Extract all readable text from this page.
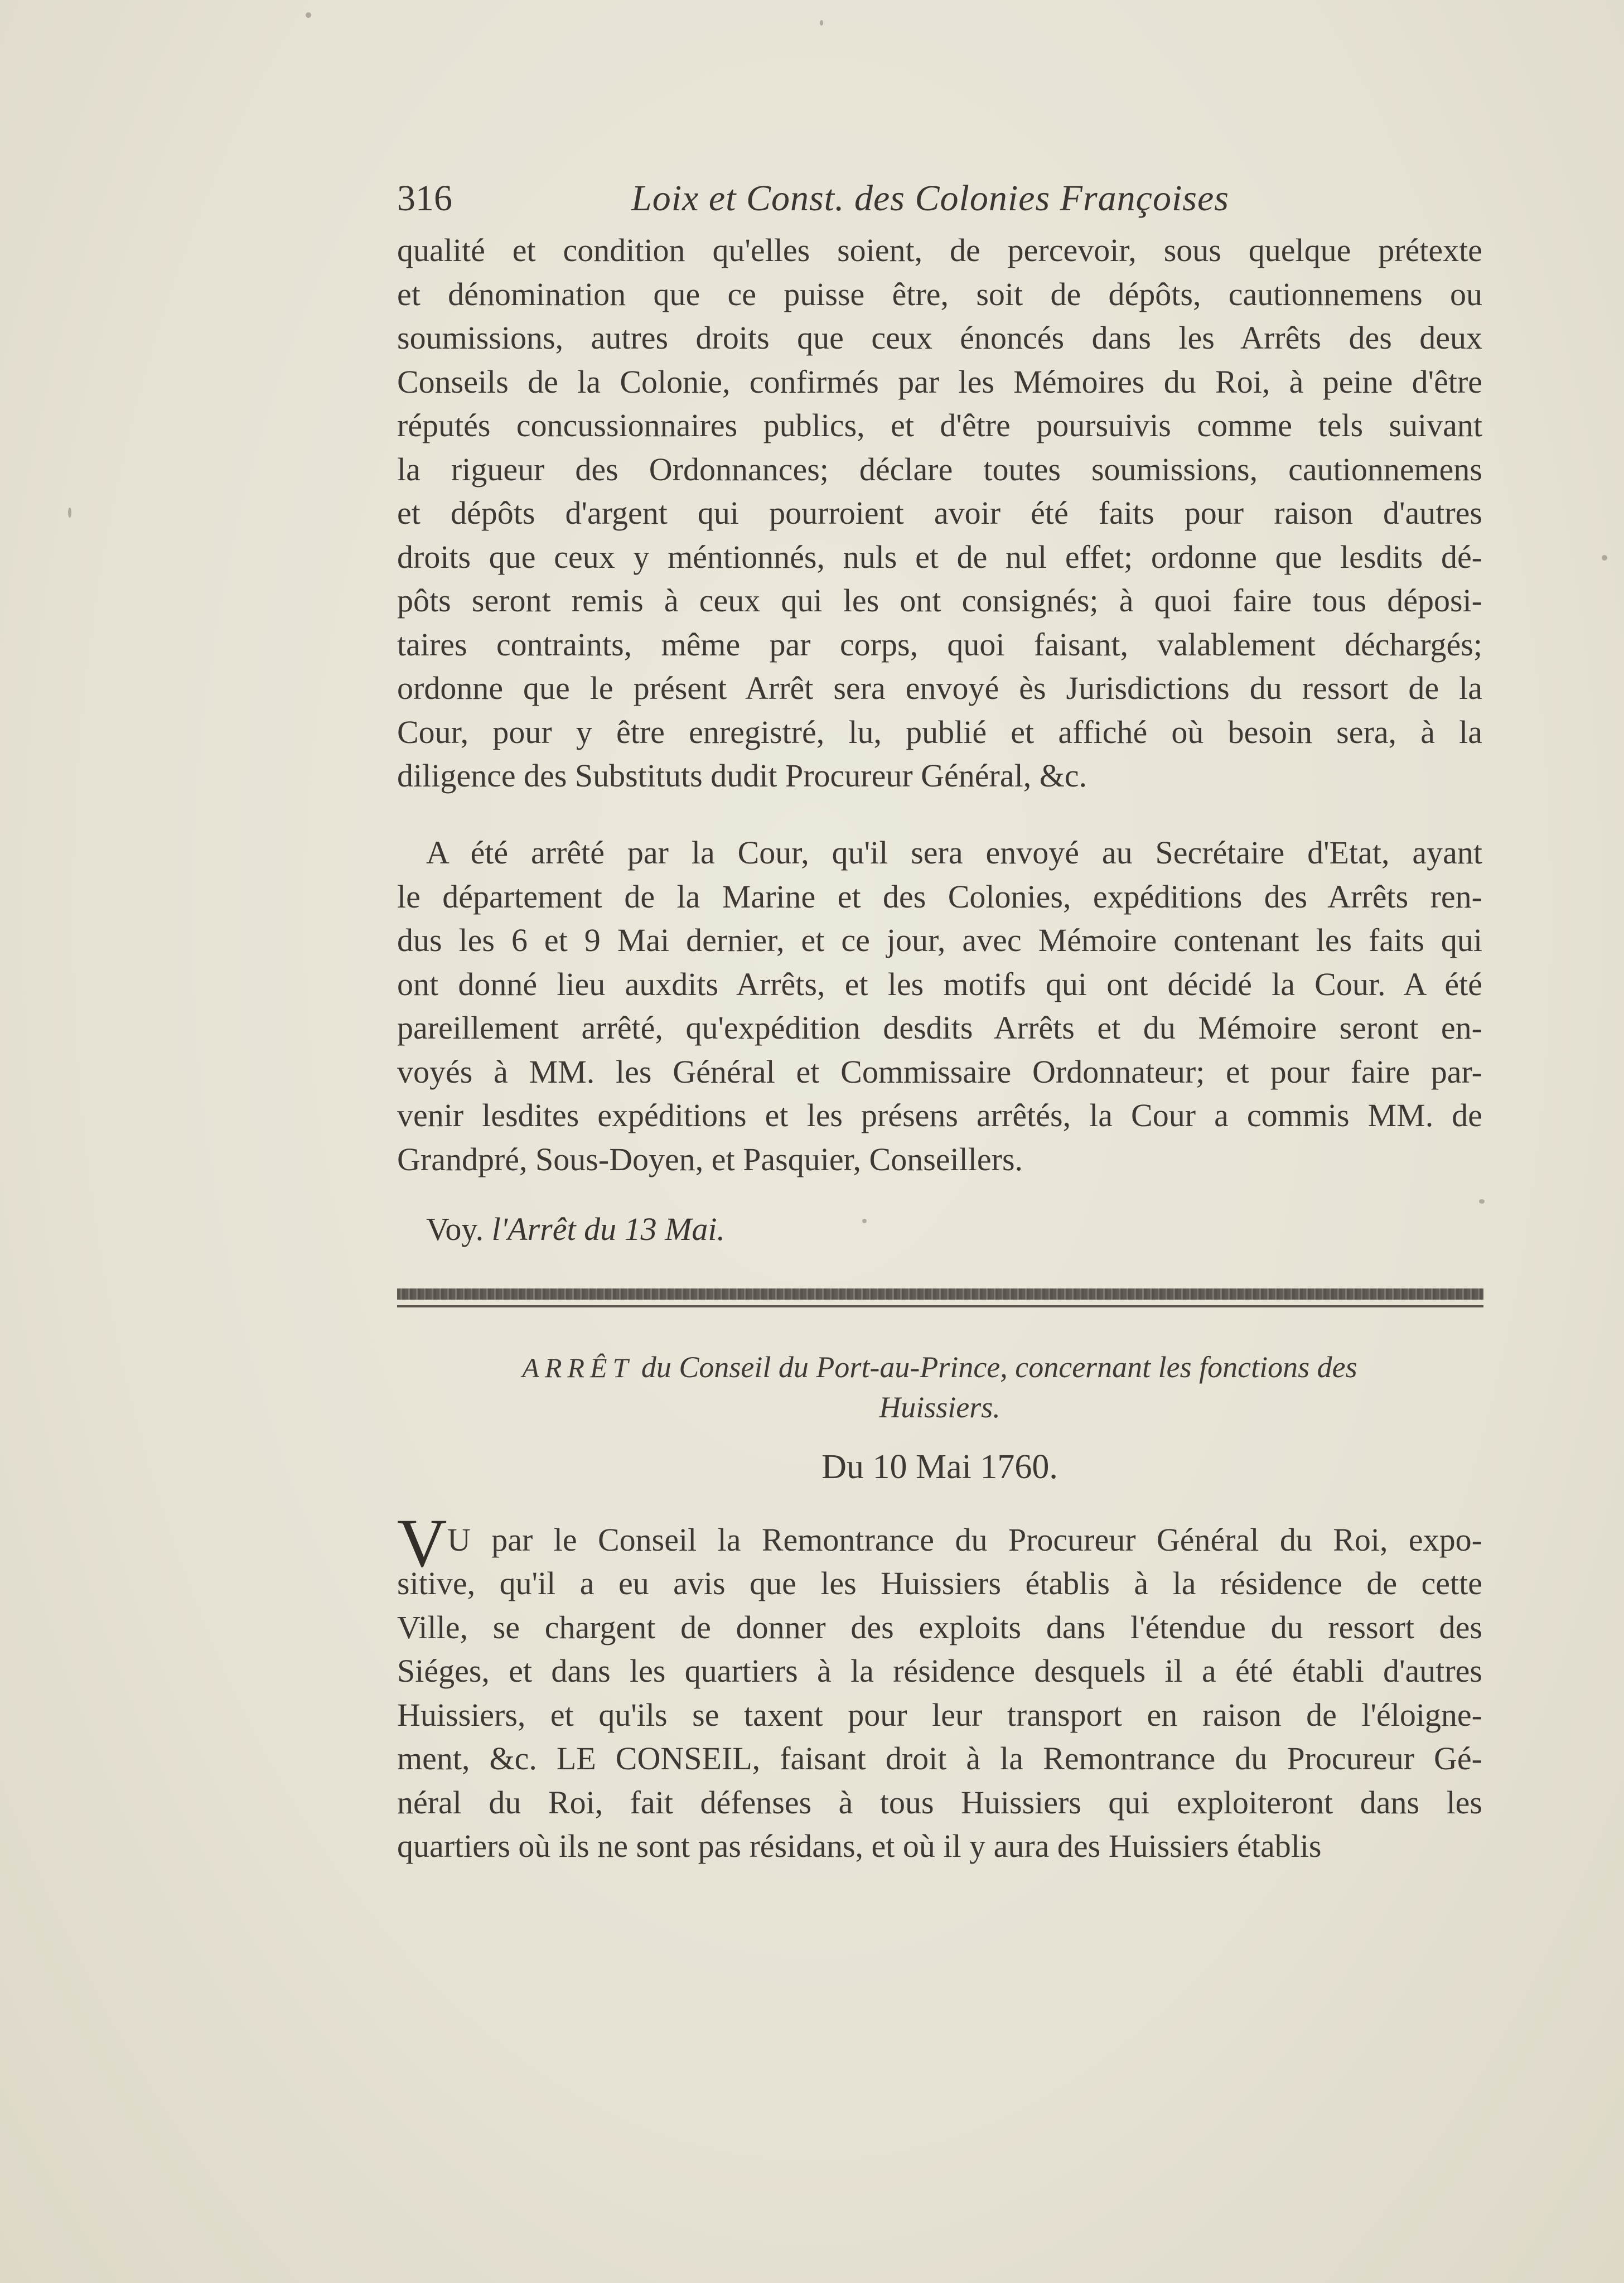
316	Loix et Const. des Colonies Françoises
qualité et condition qu'elles soient, de percevoir, sous quelque prétexte
et dénomination que ce puisse être, soit de dépôts, cautionnemens ou
soumissions, autres droits que ceux énoncés dans les Arrêts des deux
Conseils de la Colonie, confirmés par les Mémoires du Roi, à peine d'être
réputés concussionnaires publics, et d'être poursuivis comme tels suivant
la rigueur des Ordonnances; déclare toutes soumissions, cautionnemens
et dépôts d'argent qui pourroient avoir été faits pour raison d'autres
droits que ceux y méntionnés, nuls et de nul effet; ordonne que lesdits dé-
pôts seront remis à ceux qui les ont consignés; à quoi faire tous déposi-
taires contraints, même par corps, quoi faisant, valablement déchargés;
ordonne que le présent Arrêt sera envoyé ès Jurisdictions du ressort de la
Cour, pour y être enregistré, lu, publié et affiché où besoin sera, à la
diligence des Substituts dudit Procureur Général, &c.
A été arrêté par la Cour, qu'il sera envoyé au Secrétaire d'Etat, ayant
le département de la Marine et des Colonies, expéditions des Arrêts ren-
dus les 6 et 9 Mai dernier, et ce jour, avec Mémoire contenant les faits qui
ont donné lieu auxdits Arrêts, et les motifs qui ont décidé la Cour. A été
pareillement arrêté, qu'expédition desdits Arrêts et du Mémoire seront en-
voyés à MM. les Général et Commissaire Ordonnateur; et pour faire par-
venir lesdites expéditions et les présens arrêtés, la Cour a commis MM. de
Grandpré, Sous-Doyen, et Pasquier, Conseillers.
Voy. l'Arrêt du 13 Mai.
ARRÊT du Conseil du Port-au-Prince, concernant les fonctions des
Huissiers.
Du 10 Mai 1760.
V U par le Conseil la Remontrance du Procureur Général du Roi, expo-
sitive, qu'il a eu avis que les Huissiers établis à la résidence de cette
Ville, se chargent de donner des exploits dans l'étendue du ressort des
Siéges, et dans les quartiers à la résidence desquels il a été établi d'autres
Huissiers, et qu'ils se taxent pour leur transport en raison de l'éloigne-
ment, &c. LE CONSEIL, faisant droit à la Remontrance du Procureur Gé-
néral du Roi, fait défenses à tous Huissiers qui exploiteront dans les
quartiers où ils ne sont pas résidans, et où il y aura des Huissiers établis
